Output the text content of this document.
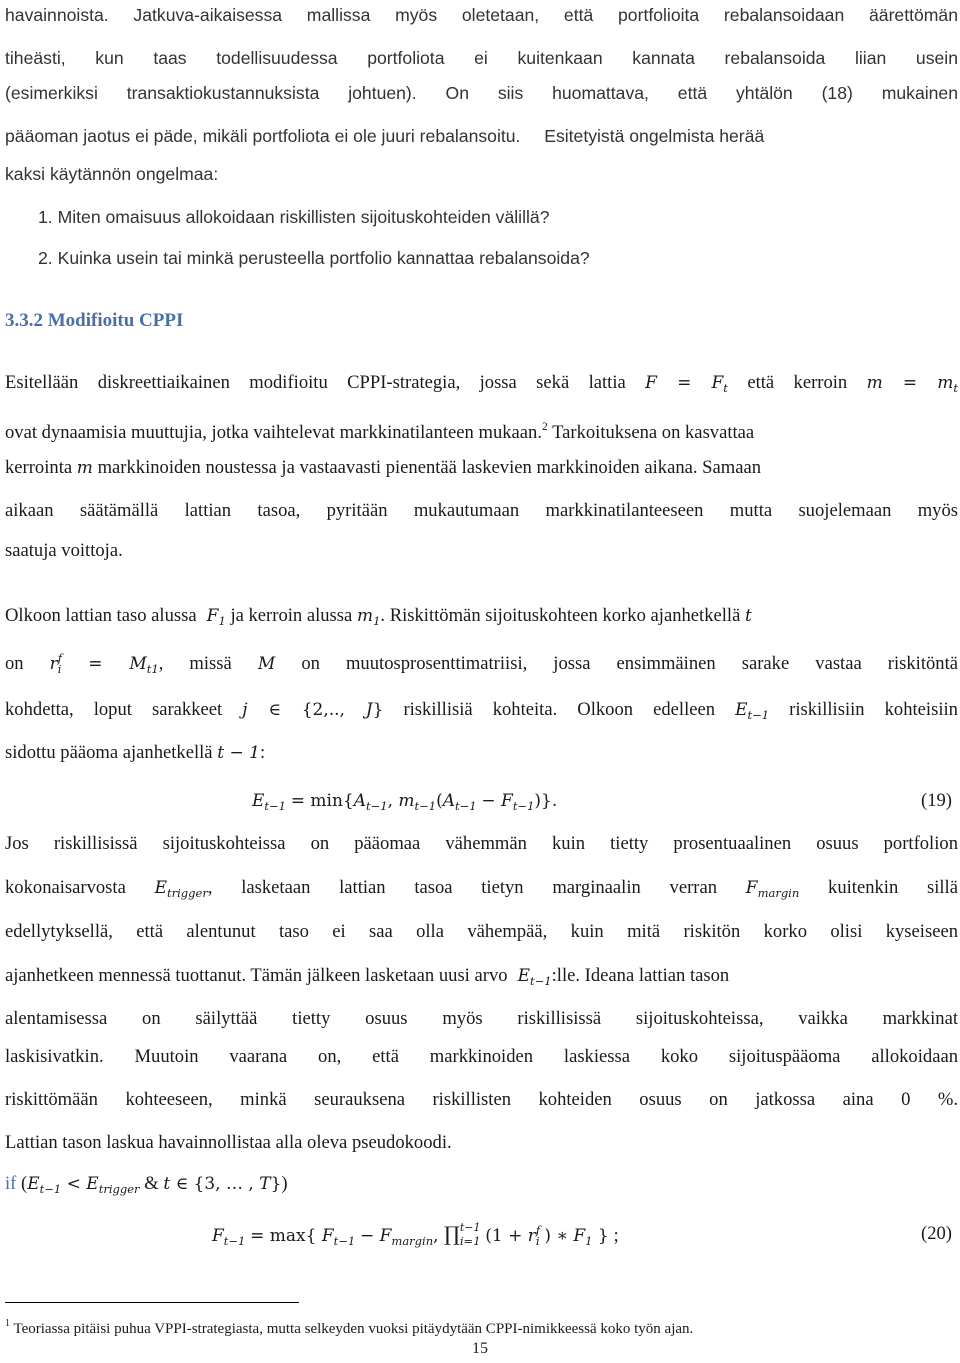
havainnoista. Jatkuva-aikaisessa mallissa myös oletetaan, että portfolioita rebalansoidaan äärettömän
tiheästi, kun taas todellisuudessa portfoliota ei kuitenkaan kannata rebalansoida liian usein
(esimerkiksi transaktiokustannuksista johtuen). On siis huomattava, että yhtälön (18) mukainen
pääoman jaotus ei päde, mikäli portfoliota ei ole juuri rebalansoitu. Esitetyistä ongelmista herää
kaksi käytännön ongelmaa:
1. Miten omaisuus allokoidaan riskillisten sijoituskohteiden välillä?
2. Kuinka usein tai minkä perusteella portfolio kannattaa rebalansoida?
3.3.2 Modifioitu CPPI
Esitellään diskreettiaikainen modifioitu CPPI-strategia, jossa sekä lattia $F = F_t$ että kerroin $m = m_t$
ovat dynaamisia muuttujia, jotka vaihtelevat markkinatilanteen mukaan.$^2$ Tarkoituksena on kasvattaa
kerrointa m markkinoiden noustessa ja vastaavasti pienentää laskevien markkinoiden aikana. Samaan
aikaan säätämällä lattian tasoa, pyritään mukautumaan markkinatilanteeseen mutta suojelemaan myös
saatuja voittoja.
Olkoon lattian taso alussa  $F_1$ ja kerroin alussa $m_1$. Riskittömän sijoituskohteen korko ajanhetkellä t
on r f
$_i = M_{t1}$, missä M on muutosprosenttimatriisi, jossa ensimmäinen sarake vastaa riskitöntä
kohdetta, loput sarakkeet j ∈ {2,.., J} riskillisiä kohteita. Olkoon edelleen $E_{t-1}$ riskillisiin kohteisiin
sidottu pääoma ajanhetkellä t − 1:
$E_{t-1} = \min\{A_{t-1}$, $m_{t-1}(A_{t-1} - F_{t-1})$}.	(19)
Jos riskillisissä sijoituskohteissa on pääomaa vähemmän kuin tietty prosentuaalinen osuus portfolion
kokonaisarvosta $E_{trigger}$, lasketaan lattian tasoa tietyn marginaalin verran $F_{margin}$ kuitenkin sillä
edellytyksellä, että alentunut taso ei saa olla vähempää, kuin mitä riskitön korko olisi kyseiseen
ajanhetkeen mennessä tuottanut. Tämän jälkeen lasketaan uusi arvo  $E_{t-1}:lle$. Ideana lattian tason
alentamisessa on säilyttää tietty osuus myös riskillisissä sijoituskohteissa, vaikka markkinat
laskisivatkin. Muutoin vaarana on, että markkinoiden laskiessa koko sijoituspääoma allokoidaan
riskittömään kohteeseen, minkä seurauksena riskillisten kohteiden osuus on jatkossa aina 0 %.
Lattian tason laskua havainnollistaa alla oleva pseudokoodi.
if ($E_{t-1} < E_{trigger}$ & t ∈ {3, … , T})
$F_{t-1} = \max${ $F_{t-1} - F_{margin}$, ∏ t−1
$_{i=1}$ (1 + r f
$_i$ ) ∗ $F_1$ } ;	(20)
$^1$ Teoriassa pitäisi puhua VPPI-strategiasta, mutta selkeyden vuoksi pitäydytään CPPI-nimikkeessä koko työn ajan.
15
